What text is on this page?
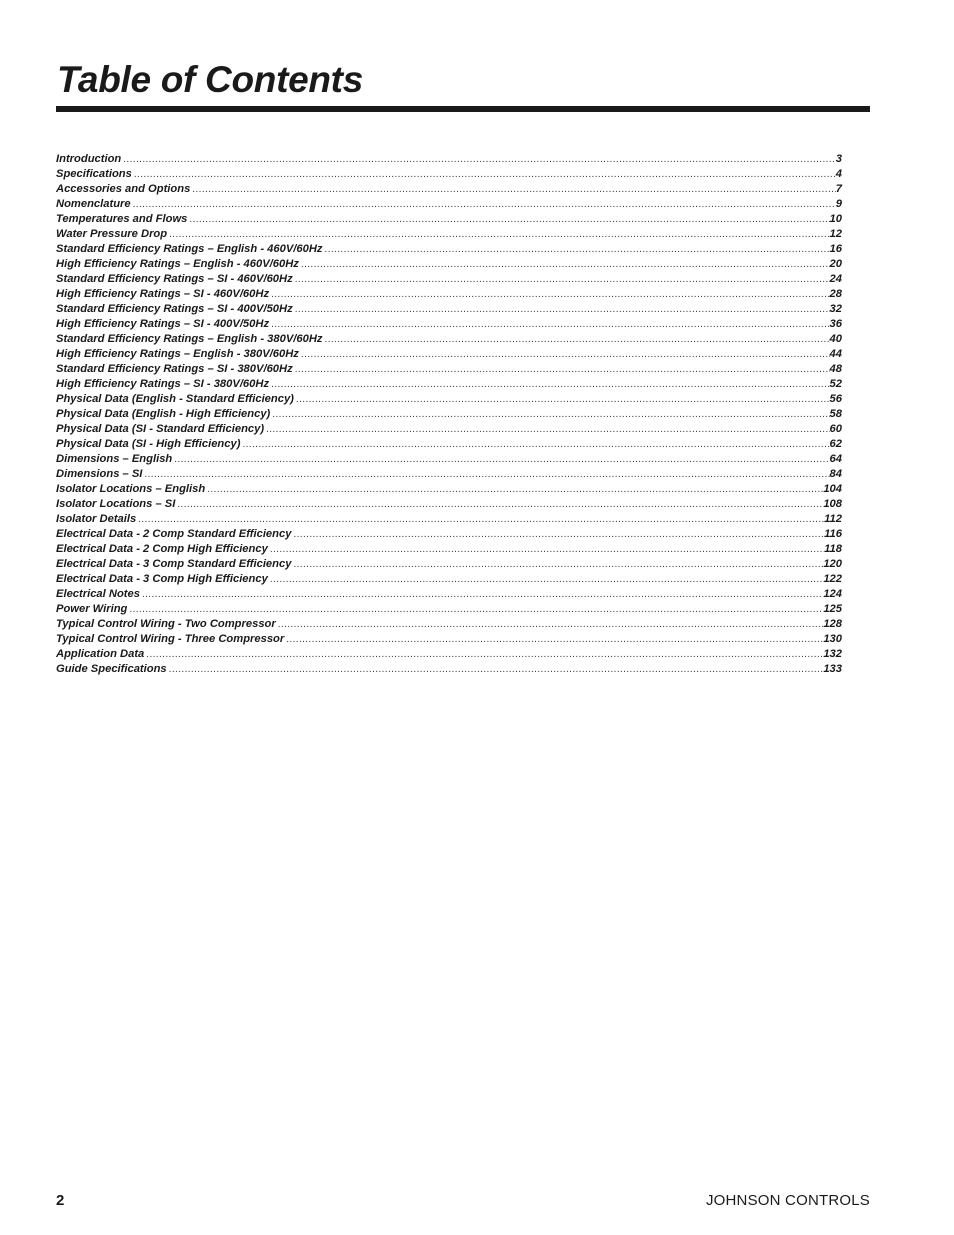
Table of Contents
Introduction .....	3
Specifications .....	4
Accessories and Options .....	7
Nomenclature .....	9
Temperatures and Flows .....	10
Water Pressure Drop .....	12
Standard Efficiency Ratings – English - 460V/60Hz .....	16
High Efficiency Ratings – English - 460V/60Hz .....	20
Standard Efficiency Ratings – SI - 460V/60Hz .....	24
High Efficiency Ratings – SI - 460V/60Hz .....	28
Standard Efficiency Ratings – SI - 400V/50Hz .....	32
High Efficiency Ratings – SI - 400V/50Hz .....	36
Standard Efficiency Ratings – English - 380V/60Hz .....	40
High Efficiency Ratings – English - 380V/60Hz .....	44
Standard Efficiency Ratings – SI - 380V/60Hz .....	48
High Efficiency Ratings – SI - 380V/60Hz .....	52
Physical Data (English - Standard Efficiency) .....	56
Physical Data (English - High Efficiency) .....	58
Physical Data (SI - Standard Efficiency) .....	60
Physical Data (SI - High Efficiency) .....	62
Dimensions – English .....	64
Dimensions – SI .....	84
Isolator Locations – English .....	104
Isolator Locations – SI .....	108
Isolator Details .....	112
Electrical Data - 2 Comp Standard Efficiency .....	116
Electrical Data - 2 Comp High Efficiency .....	118
Electrical Data - 3 Comp Standard Efficiency .....	120
Electrical Data - 3 Comp High Efficiency .....	122
Electrical Notes .....	124
Power Wiring .....	125
Typical Control Wiring - Two Compressor .....	128
Typical Control Wiring - Three Compressor .....	130
Application Data .....	132
Guide Specifications .....	133
2	JOHNSON CONTROLS
